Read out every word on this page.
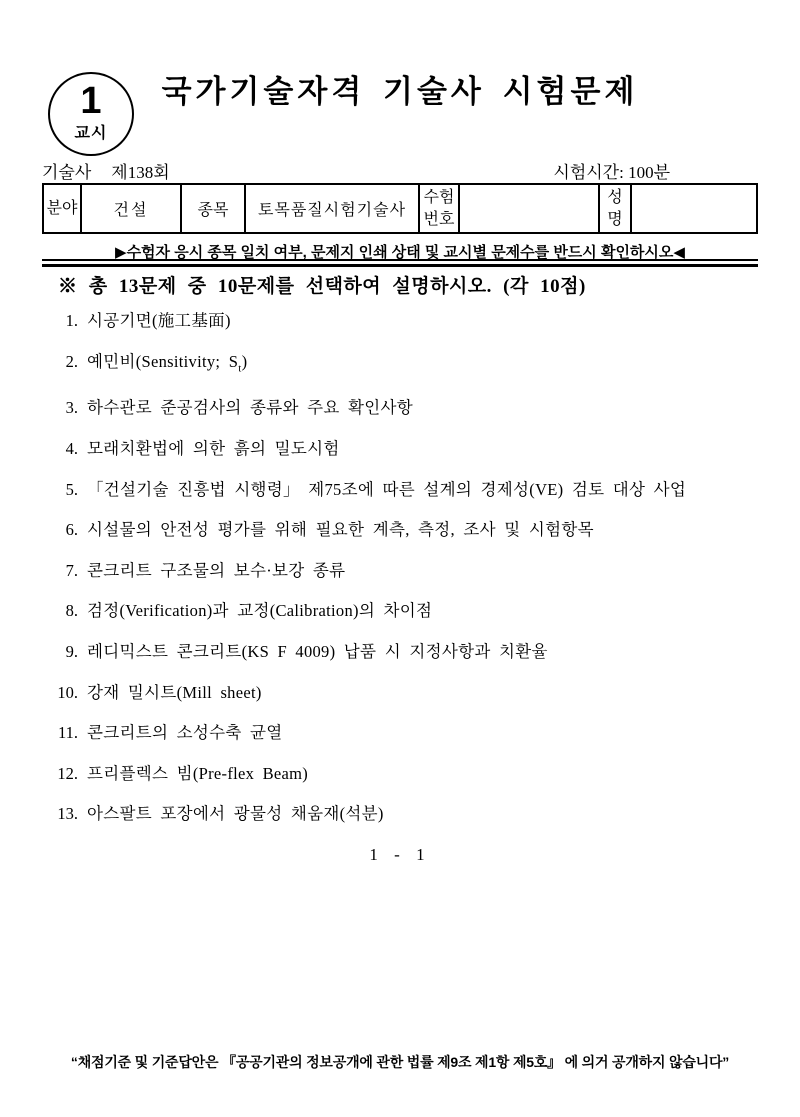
1
교시
국가기술자격 기술사 시험문제
기술사 제138회	시험시간: 100분
분야	건설	종목	토목품질시험기술사	수험번호		성명	
▶수험자 응시 종목 일치 여부, 문제지 인쇄 상태 및 교시별 문제수를 반드시 확인하시오◀
※ 총 13문제 중 10문제를 선택하여 설명하시오. (각 10점)
1. 시공기면(施工基面)
2. 예민비(Sensitivity; $S_t$)
3. 하수관로 준공검사의 종류와 주요 확인사항
4. 모래치환법에 의한 흙의 밀도시험
5. 「건설기술 진흥법 시행령」 제75조에 따른 설계의 경제성(VE) 검토 대상 사업
6. 시설물의 안전성 평가를 위해 필요한 계측, 측정, 조사 및 시험항목
7. 콘크리트 구조물의 보수·보강 종류
8. 검정(Verification)과 교정(Calibration)의 차이점
9. 레디믹스트 콘크리트(KS F 4009) 납품 시 지정사항과 치환율
10. 강재 밀시트(Mill sheet)
11. 콘크리트의 소성수축 균열
12. 프리플렉스 빔(Pre-flex Beam)
13. 아스팔트 포장에서 광물성 채움재(석분)
1 - 1
“채점기준 및 기준답안은 『공공기관의 정보공개에 관한 법률 제9조 제1항 제5호』 에 의거 공개하지 않습니다”
